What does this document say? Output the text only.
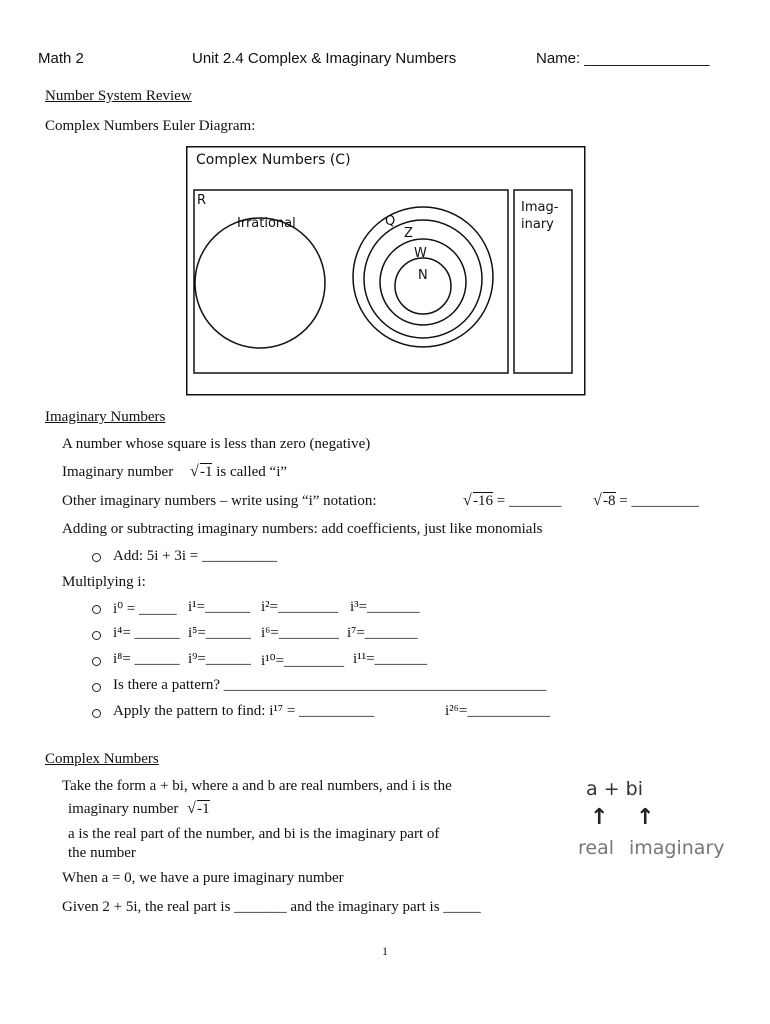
Math 2	Unit 2.4 Complex & Imaginary Numbers	Name: _______________
Number System Review
Complex Numbers Euler Diagram:
Complex Numbers (C)
R
Irrational	Q
Z
W
N
Imag-
inary
Imaginary Numbers
A number whose square is less than zero (negative)
Imaginary number √ -1 is called “i”
Other imaginary numbers – write using “i” notation:	√ -16 = _______	√ -8 = _________
Adding or subtracting imaginary numbers: add coefficients, just like monomials
Add: 5i + 3i = __________
Multiplying i:
i⁰ = _____ i¹=______ i²=________ i³=_______
i⁴= ______ i⁵=______ i⁶=________ i⁷=_______
i⁸= ______ i⁹=______ i¹⁰=________ i¹¹=_______
Is there a pattern? ___________________________________________
Apply the pattern to find: i¹⁷ = __________	i²⁶=___________
Complex Numbers
Take the form a + bi, where a and b are real numbers, and i is the
imaginary number √ -1
a is the real part of the number, and bi is the imaginary part of
the number
When a = 0, we have a pure imaginary number
Given 2 + 5i, the real part is _______ and the imaginary part is _____
a + bi
↑ ↑
real imaginary
1
